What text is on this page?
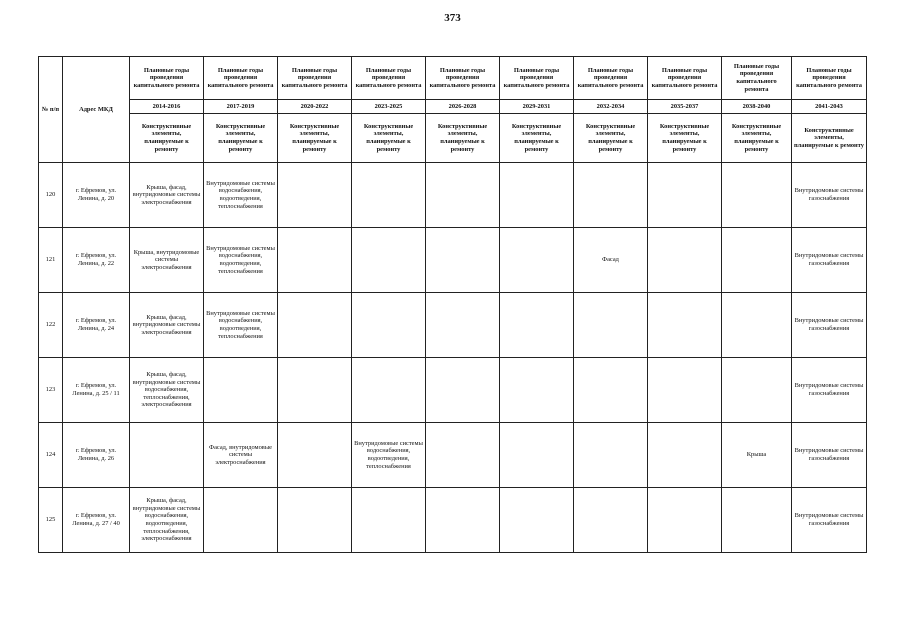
373
№ п/п	Адрес МКД	Плановые годы проведения капитального ремонта	Плановые годы проведения капитального ремонта	Плановые годы проведения капитального ремонта	Плановые годы проведения капитального ремонта	Плановые годы проведения капитального ремонта	Плановые годы проведения капитального ремонта	Плановые годы проведения капитального ремонта	Плановые годы проведения капитального ремонта	Плановые годы проведения капитального ремонта	Плановые годы проведения капитального ремонта
		2014-2016	2017-2019	2020-2022	2023-2025	2026-2028	2029-2031	2032-2034	2035-2037	2038-2040	2041-2043
		Конструктивные элементы, планируемые к ремонту	Конструктивные элементы, планируемые к ремонту	Конструктивные элементы, планируемые к ремонту	Конструктивные элементы, планируемые к ремонту	Конструктивные элементы, планируемые к ремонту	Конструктивные элементы, планируемые к ремонту	Конструктивные элементы, планируемые к ремонту	Конструктивные элементы, планируемые к ремонту	Конструктивные элементы, планируемые к ремонту	Конструктивные элементы, планируемые к ремонту
120	г. Ефремов, ул. Ленина, д. 20	Крыша, фасад, внутридомовые системы электроснабжения	Внутридомовые системы водоснабжения, водоотведения, теплоснабжения								Внутридомовые системы газоснабжения
121	г. Ефремов, ул. Ленина, д. 22	Крыша, внутридомовые системы электроснабжения	Внутридомовые системы водоснабжения, водоотведения, теплоснабжения					Фасад			Внутридомовые системы газоснабжения
122	г. Ефремов, ул. Ленина, д. 24	Крыша, фасад, внутридомовые системы электроснабжения	Внутридомовые системы водоснабжения, водоотведения, теплоснабжения								Внутридомовые системы газоснабжения
123	г. Ефремов, ул. Ленина, д. 25 / 11	Крыша, фасад, внутридомовые системы водоснабжения, теплоснабжения, электроснабжения									Внутридомовые системы газоснабжения
124	г. Ефремов, ул. Ленина, д. 26		Фасад, внутридомовые системы электроснабжения		Внутридомовые системы водоснабжения, водоотведения, теплоснабжения					Крыша	Внутридомовые системы газоснабжения
125	г. Ефремов, ул. Ленина, д. 27 / 40	Крыша, фасад, внутридомовые системы водоснабжения, водоотведения, теплоснабжения, электроснабжения									Внутридомовые системы газоснабжения
